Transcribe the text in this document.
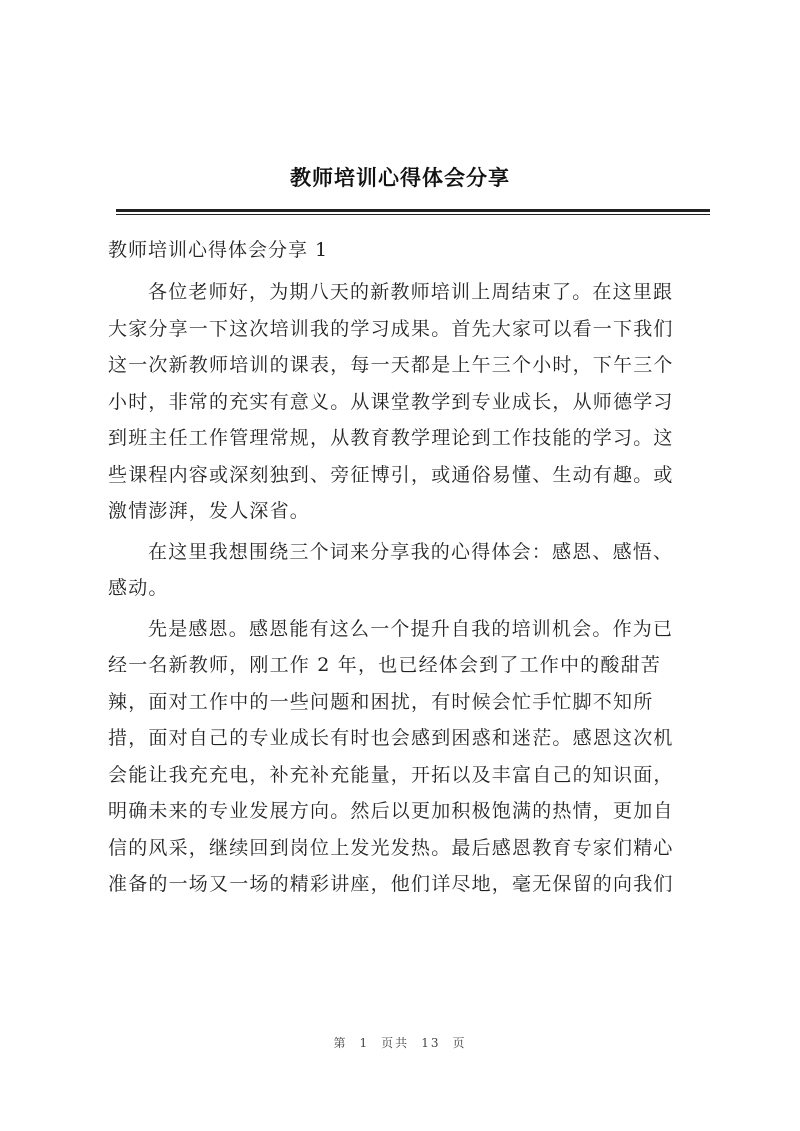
教师培训心得体会分享
教师培训心得体会分享 1
各位老师好，为期八天的新教师培训上周结束了。在这里跟
大家分享一下这次培训我的学习成果。首先大家可以看一下我们
这一次新教师培训的课表，每一天都是上午三个小时，下午三个
小时，非常的充实有意义。从课堂教学到专业成长，从师德学习
到班主任工作管理常规，从教育教学理论到工作技能的学习。这
些课程内容或深刻独到、旁征博引，或通俗易懂、生动有趣。或
激情澎湃，发人深省。
在这里我想围绕三个词来分享我的心得体会：感恩、感悟、
感动。
先是感恩。感恩能有这么一个提升自我的培训机会。作为已
经一名新教师，刚工作 2 年，也已经体会到了工作中的酸甜苦
辣，面对工作中的一些问题和困扰，有时候会忙手忙脚不知所
措，面对自己的专业成长有时也会感到困惑和迷茫。感恩这次机
会能让我充充电，补充补充能量，开拓以及丰富自己的知识面，
明确未来的专业发展方向。然后以更加积极饱满的热情，更加自
信的风采，继续回到岗位上发光发热。最后感恩教育专家们精心
准备的一场又一场的精彩讲座，他们详尽地，毫无保留的向我们
第 1 页共 13 页
